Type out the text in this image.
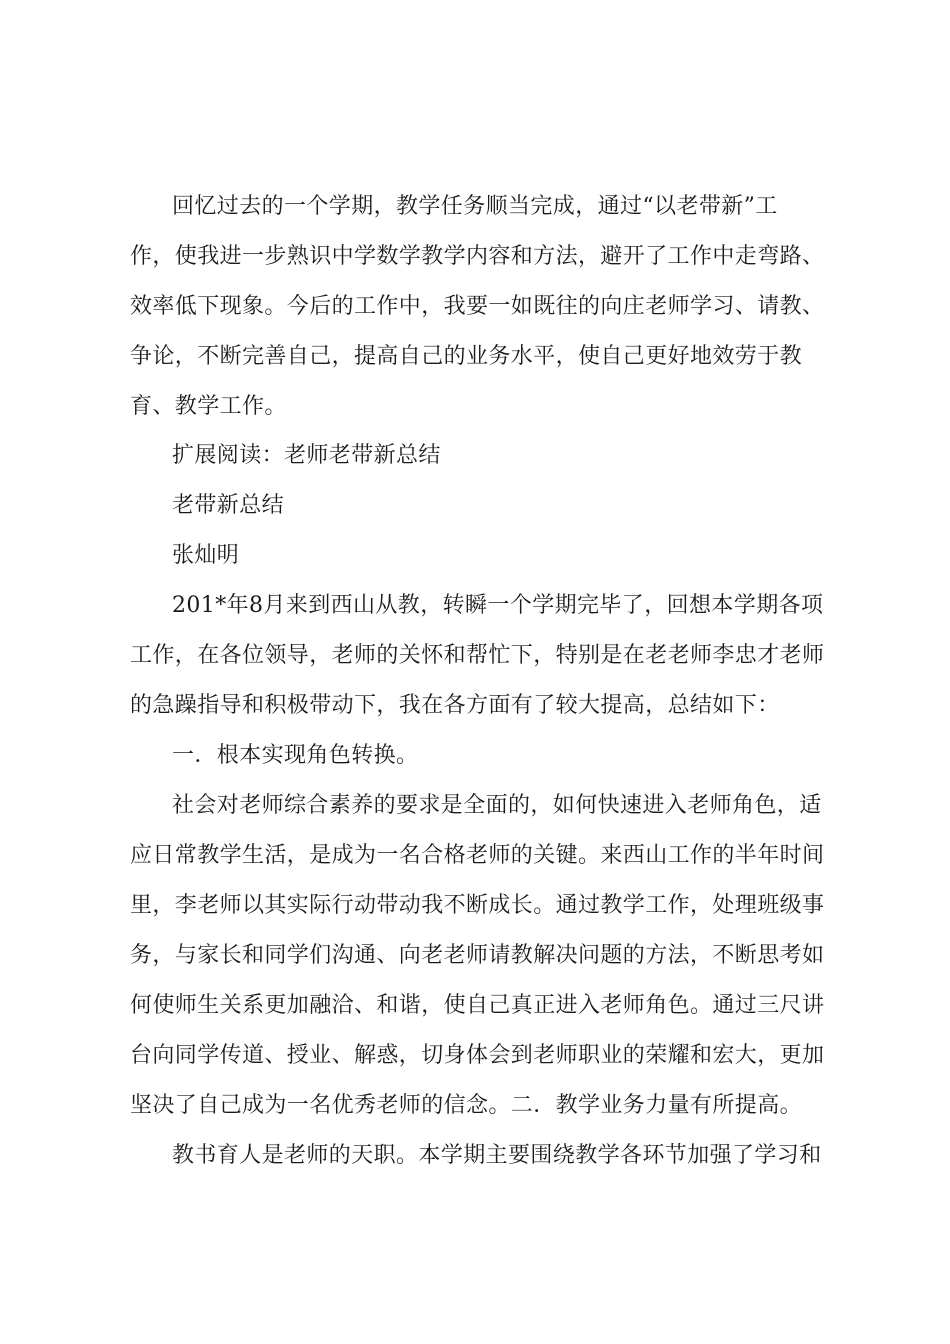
回忆过去的一个学期，教学任务顺当完成，通过“以老带新”工
作，使我进一步熟识中学数学教学内容和方法，避开了工作中走弯路、
效率低下现象。今后的工作中，我要一如既往的向庄老师学习、请教、
争论，不断完善自己，提高自己的业务水平，使自己更好地效劳于教
育、教学工作。
扩展阅读：老师老带新总结
老带新总结
张灿明
201*年8月来到西山从教，转瞬一个学期完毕了，回想本学期各项
工作，在各位领导，老师的关怀和帮忙下，特别是在老老师李忠才老师
的急躁指导和积极带动下，我在各方面有了较大提高，总结如下：
一．根本实现角色转换。
社会对老师综合素养的要求是全面的，如何快速进入老师角色，适
应日常教学生活，是成为一名合格老师的关键。来西山工作的半年时间
里，李老师以其实际行动带动我不断成长。通过教学工作，处理班级事
务，与家长和同学们沟通、向老老师请教解决问题的方法，不断思考如
何使师生关系更加融洽、和谐，使自己真正进入老师角色。通过三尺讲
台向同学传道、授业、解惑，切身体会到老师职业的荣耀和宏大，更加
坚决了自己成为一名优秀老师的信念。二．教学业务力量有所提高。
教书育人是老师的天职。本学期主要围绕教学各环节加强了学习和
